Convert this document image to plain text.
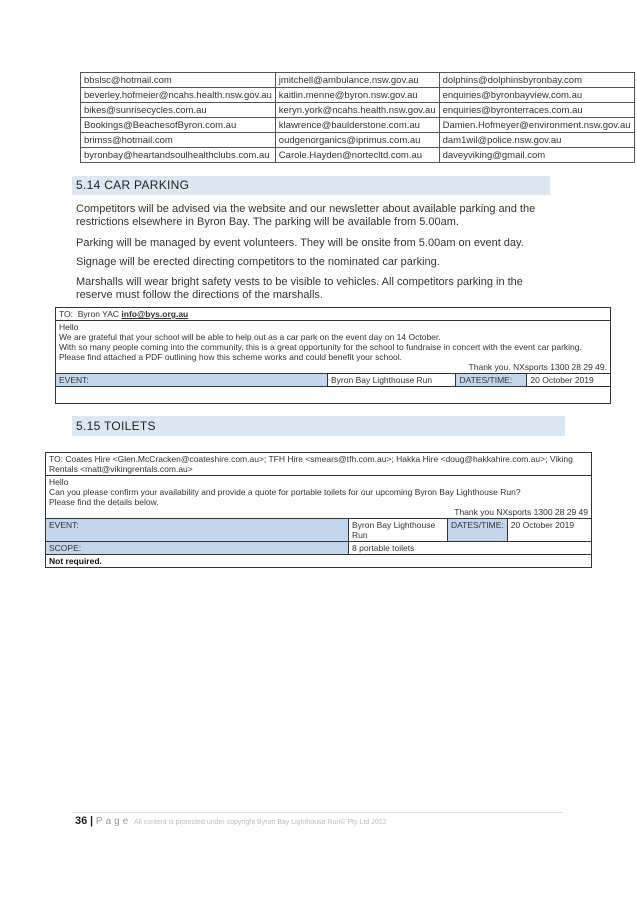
bbslsc@hotmail.com	jmitchell@ambulance.nsw.gov.au	dolphins@dolphinsbyronbay.com
beverley.hofmeier@ncahs.health.nsw.gov.au	kaitlin.menne@byron.nsw.gov.au	enquiries@byronbayview.com.au
bikes@sunrisecycles.com.au	keryn.york@ncahs.health.nsw.gov.au	enquiries@byronterraces.com.au
Bookings@BeachesofByron.com.au	klawrence@baulderstone.com.au	Damien.Hofmeyer@environment.nsw.gov.au
brimss@hotmail.com	oudgenorganics@iprimus.com.au	dam1wil@police.nsw.gov.au
byronbay@heartandsoulhealthclubs.com.au	Carole.Hayden@nortecltd.com.au	daveyviking@gmail.com
5.14 CAR PARKING

Competitors will be advised via the website and our newsletter about available parking and the restrictions elsewhere in Byron Bay. The parking will be available from 5.00am.

Parking will be managed by event volunteers. They will be onsite from 5.00am on event day.

Signage will be erected directing competitors to the nominated car parking.

Marshalls will wear bright safety vests to be visible to vehicles. All competitors parking in the reserve must follow the directions of the marshalls.

TO: Byron YAC info@bys.org.au

Hello
We are grateful that your school will be able to help out as a car park on the event day on 14 October.
With so many people coming into the community, this is a great opportunity for the school to fundraise in concert with the event car parking.
Please find attached a PDF outlining how this scheme works and could benefit your school.
Thank you. NXsports 1300 28 29 49.

EVENT:	Byron Bay Lighthouse Run	DATES/TIME:	20 October 2019

5.15 TOILETS
TO: Coates Hire <Glen.McCracken@coateshire.com.au>; TFH Hire <smears@tfh.com.au>; Hakka Hire <doug@hakkahire.com.au>; Viking Rentals <matt@vikingrentals.com.au>			

Hello
Can you please confirm your availability and provide a quote for portable toilets for our upcoming Byron Bay Lighthouse Run?
Please find the details below.
Thank you NXsports 1300 28 29 49			

EVENT:	Byron Bay Lighthouse Run	DATES/TIME:	20 October 2019
SCOPE:	8 portable toilets		
Not required.			
36 | Page All content is protected under copyright Byron Bay Lighthouse Run© Pty Ltd 2012
